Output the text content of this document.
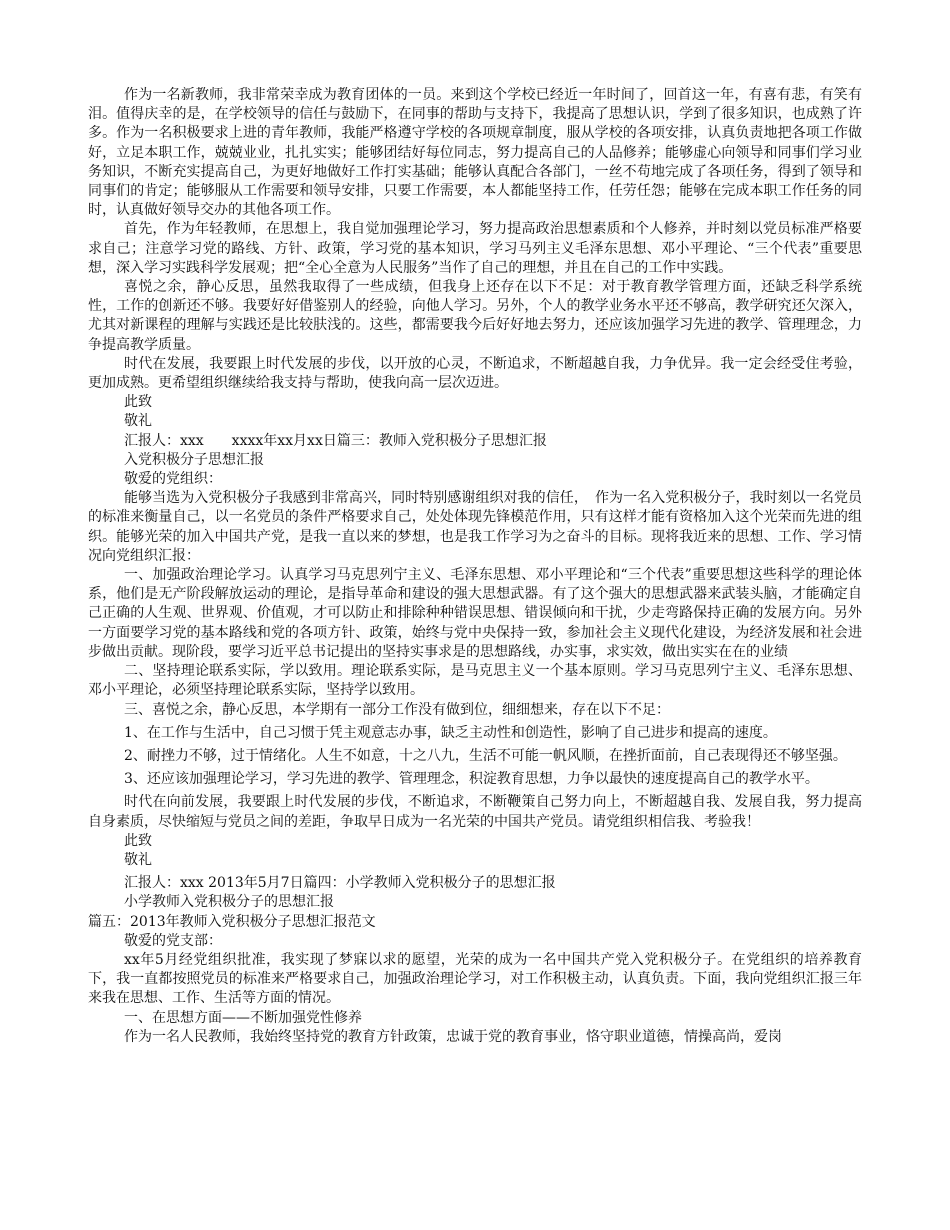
作为一名新教师，我非常荣幸成为教育团体的一员。来到这个学校已经近一年时间了，回首这一年，有喜有悲，有笑有泪。值得庆幸的是，在学校领导的信任与鼓励下，在同事的帮助与支持下，我提高了思想认识，学到了很多知识，也成熟了许多。作为一名积极要求上进的青年教师，我能严格遵守学校的各项规章制度，服从学校的各项安排，认真负责地把各项工作做好，立足本职工作，兢兢业业，扎扎实实；能够团结好每位同志，努力提高自己的人品修养；能够虚心向领导和同事们学习业务知识，不断充实提高自己，为更好地做好工作打实基础；能够认真配合各部门，一丝不苟地完成了各项任务，得到了领导和同事们的肯定；能够服从工作需要和领导安排，只要工作需要，本人都能坚持工作，任劳任怨；能够在完成本职工作任务的同时，认真做好领导交办的其他各项工作。

首先，作为年轻教师，在思想上，我自觉加强理论学习，努力提高政治思想素质和个人修养，并时刻以党员标准严格要求自己；注意学习党的路线、方针、政策，学习党的基本知识，学习马列主义毛泽东思想、邓小平理论、“三个代表”重要思想，深入学习实践科学发展观；把“全心全意为人民服务”当作了自己的理想，并且在自己的工作中实践。

喜悦之余，静心反思，虽然我取得了一些成绩，但我身上还存在以下不足：对于教育教学管理方面，还缺乏科学系统性，工作的创新还不够。我要好好借鉴别人的经验，向他人学习。另外，个人的教学业务水平还不够高，教学研究还欠深入，尤其对新课程的理解与实践还是比较肤浅的。这些，都需要我今后好好地去努力，还应该加强学习先进的教学、管理理念，力争提高教学质量。

时代在发展，我要跟上时代发展的步伐，以开放的心灵，不断追求，不断超越自我，力争优异。我一定会经受住考验，更加成熟。更希望组织继续给我支持与帮助，使我向高一层次迈进。

此致

敬礼

汇报人：xxx　　xxxx年xx月xx日篇三：教师入党积极分子思想汇报

入党积极分子思想汇报

敬爱的党组织：

能够当选为入党积极分子我感到非常高兴，同时特别感谢组织对我的信任，　作为一名入党积极分子，我时刻以一名党员的标准来衡量自己，以一名党员的条件严格要求自己，处处体现先锋模范作用，只有这样才能有资格加入这个光荣而先进的组织。能够光荣的加入中国共产党，是我一直以来的梦想，也是我工作学习为之奋斗的目标。现将我近来的思想、工作、学习情况向党组织汇报：

一、加强政治理论学习。认真学习马克思列宁主义、毛泽东思想、邓小平理论和“三个代表”重要思想这些科学的理论体系，他们是无产阶段解放运动的理论，是指导革命和建设的强大思想武器。有了这个强大的思想武器来武装头脑，才能确定自己正确的人生观、世界观、价值观，才可以防止和排除种种错误思想、错误倾向和干扰，少走弯路保持正确的发展方向。另外一方面要学习党的基本路线和党的各项方针、政策，始终与党中央保持一致，参加社会主义现代化建设，为经济发展和社会进步做出贡献。现阶段，要学习近平总书记提出的坚持实事求是的思想路线，办实事，求实效，做出实实在在的业绩

二、坚持理论联系实际，学以致用。理论联系实际，是马克思主义一个基本原则。学习马克思列宁主义、毛泽东思想、邓小平理论，必须坚持理论联系实际，坚持学以致用。

三、喜悦之余，静心反思，本学期有一部分工作没有做到位，细细想来，存在以下不足：

1、在工作与生活中，自己习惯于凭主观意志办事，缺乏主动性和创造性，影响了自己进步和提高的速度。

2、耐挫力不够，过于情绪化。人生不如意，十之八九，生活不可能一帆风顺，在挫折面前，自己表现得还不够坚强。

3、还应该加强理论学习，学习先进的教学、管理理念，积淀教育思想，力争以最快的速度提高自己的教学水平。

时代在向前发展，我要跟上时代发展的步伐，不断追求，不断鞭策自己努力向上，不断超越自我、发展自我，努力提高自身素质，尽快缩短与党员之间的差距，争取早日成为一名光荣的中国共产党员。请党组织相信我、考验我！

此致

敬礼

汇报人：xxx 2013年5月7日篇四：小学教师入党积极分子的思想汇报

小学教师入党积极分子的思想汇报

篇五：2013年教师入党积极分子思想汇报范文

敬爱的党支部：

xx年5月经党组织批准，我实现了梦寐以求的愿望，光荣的成为一名中国共产党入党积极分子。在党组织的培养教育下，我一直都按照党员的标准来严格要求自己，加强政治理论学习，对工作积极主动，认真负责。下面，我向党组织汇报三年来我在思想、工作、生活等方面的情况。

一、在思想方面——不断加强党性修养

作为一名人民教师，我始终坚持党的教育方针政策，忠诚于党的教育事业，恪守职业道德，情操高尚，爱岗
